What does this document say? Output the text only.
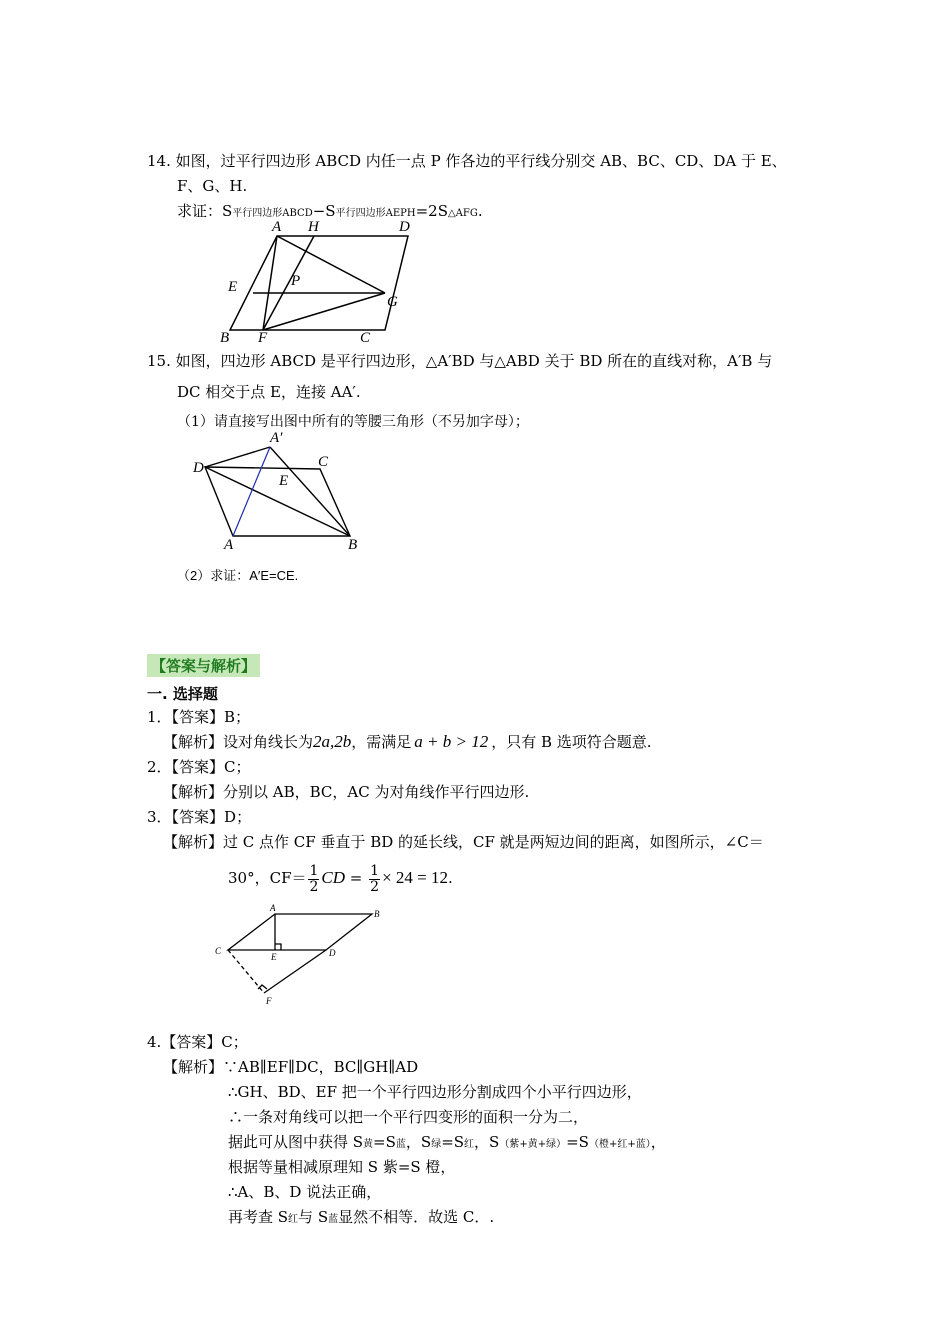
14. 如图，过平行四边形 ABCD 内任一点 P 作各边的平行线分别交 AB、BC、CD、DA 于 E、
F、G、H.
求证：S平行四边形ABCD−S平行四边形AEPH=2S△AFG.
A H	D
E	P
G
B F	C
15. 如图，四边形 ABCD 是平行四边形，△A′BD 与△ABD 关于 BD 所在的直线对称，A′B 与
DC 相交于点 E，连接 AA′.
（1）请直接写出图中所有的等腰三角形（不另加字母）；
A′
D	C
E
A	B
（2）求证：A′E=CE.
【答案与解析】
一. 选择题
1．【答案】B；
【解析】设对角线长为2a,2b，需满足 a + b > 12 ，只有 B 选项符合题意.
2．【答案】C；
【解析】分别以 AB，BC，AC 为对角线作平行四边形.
3．【答案】D；
【解析】过 C 点作 CF 垂直于 BD 的延长线，CF 就是两短边间的距离，如图所示，∠C＝
30°，$CF= \frac{1}{2}$ CD = $\frac{1}{2} \times 24 = 12$.
A
B
C
E	D
F
4.【答案】C；
【解析】∵AB∥EF∥DC，BC∥GH∥AD
∴GH、BD、EF 把一个平行四边形分割成四个小平行四边形，
∴一条对角线可以把一个平行四变形的面积一分为二，
据此可从图中获得 S黄=S蓝，S绿=S红，S（紫+黄+绿）=S（橙+红+蓝），
根据等量相减原理知 S 紫=S 橙，
∴A、B、D 说法正确，
再考查 S红与 S蓝显然不相等．故选 C．.
